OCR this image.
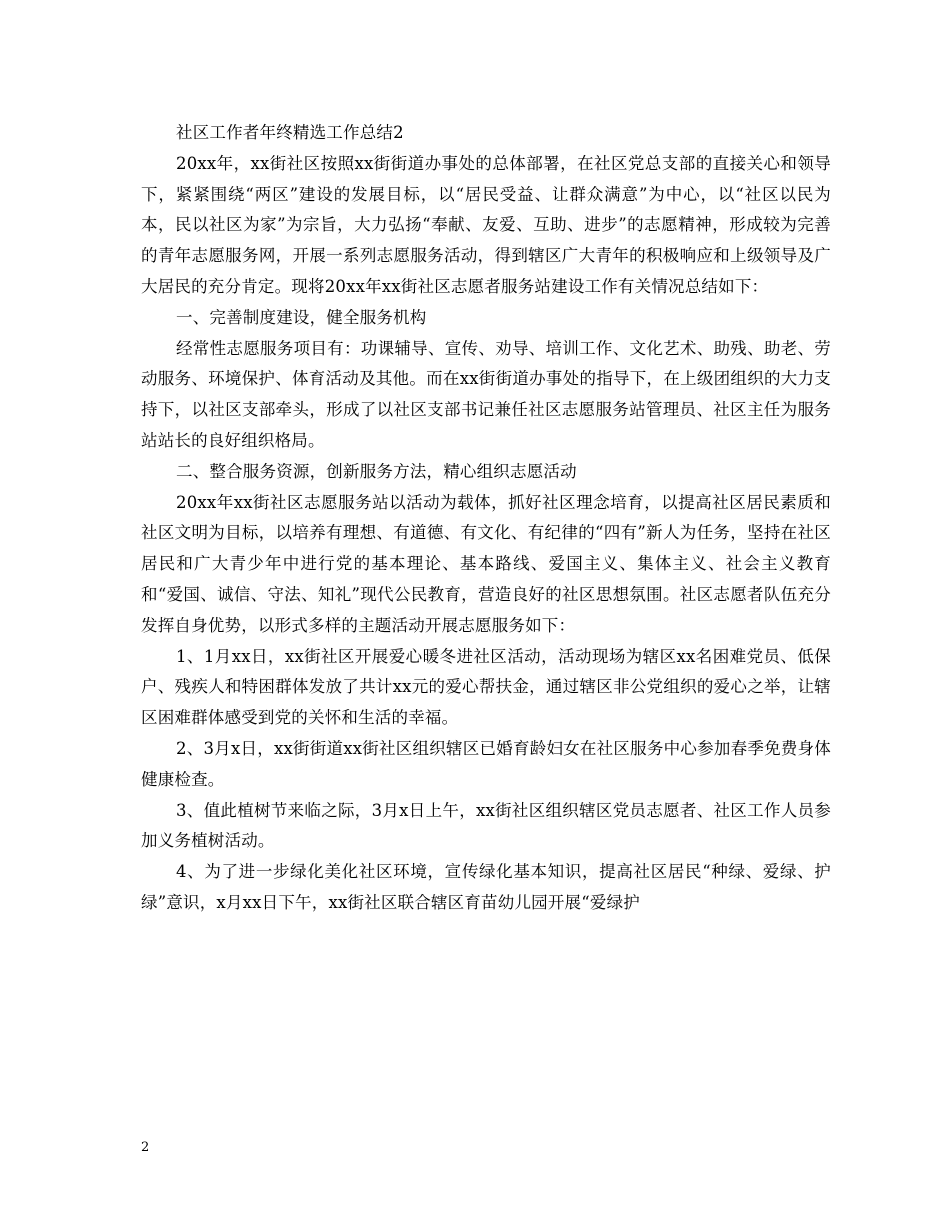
社区工作者年终精选工作总结2

20xx年，xx街社区按照xx街街道办事处的总体部署，在社区党总支部的直接关心和领导下，紧紧围绕“两区”建设的发展目标，以“居民受益、让群众满意”为中心，以“社区以民为本，民以社区为家”为宗旨，大力弘扬“奉献、友爱、互助、进步”的志愿精神，形成较为完善的青年志愿服务网，开展一系列志愿服务活动，得到辖区广大青年的积极响应和上级领导及广大居民的充分肯定。现将20xx年xx街社区志愿者服务站建设工作有关情况总结如下：

一、完善制度建设，健全服务机构

经常性志愿服务项目有：功课辅导、宣传、劝导、培训工作、文化艺术、助残、助老、劳动服务、环境保护、体育活动及其他。而在xx街街道办事处的指导下，在上级团组织的大力支持下，以社区支部牵头，形成了以社区支部书记兼任社区志愿服务站管理员、社区主任为服务站站长的良好组织格局。

二、整合服务资源，创新服务方法，精心组织志愿活动

20xx年xx街社区志愿服务站以活动为载体，抓好社区理念培育，以提高社区居民素质和社区文明为目标，以培养有理想、有道德、有文化、有纪律的“四有”新人为任务，坚持在社区居民和广大青少年中进行党的基本理论、基本路线、爱国主义、集体主义、社会主义教育和“爱国、诚信、守法、知礼”现代公民教育，营造良好的社区思想氛围。社区志愿者队伍充分发挥自身优势，以形式多样的主题活动开展志愿服务如下：

1、1月xx日，xx街社区开展爱心暖冬进社区活动，活动现场为辖区xx名困难党员、低保户、残疾人和特困群体发放了共计xx元的爱心帮扶金，通过辖区非公党组织的爱心之举，让辖区困难群体感受到党的关怀和生活的幸福。

2、3月x日，xx街街道xx街社区组织辖区已婚育龄妇女在社区服务中心参加春季免费身体健康检查。

3、值此植树节来临之际，3月x日上午，xx街社区组织辖区党员志愿者、社区工作人员参加义务植树活动。

4、为了进一步绿化美化社区环境，宣传绿化基本知识，提高社区居民“种绿、爱绿、护绿”意识，x月xx日下午，xx街社区联合辖区育苗幼儿园开展“爱绿护

2
